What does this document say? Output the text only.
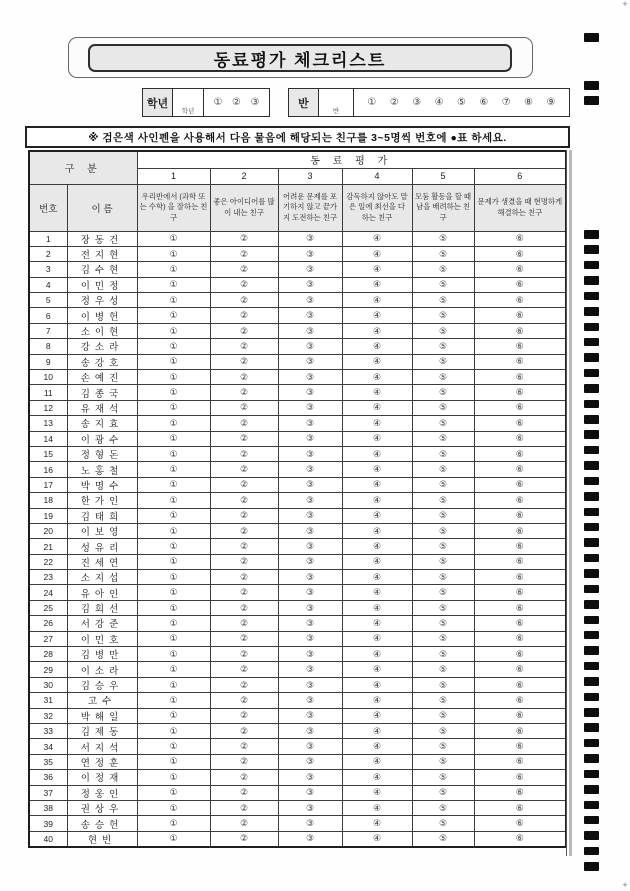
동료평가 체크리스트
학년
학년
① ② ③	반
반
① ② ③ ④ ⑤ ⑥ ⑦ ⑧ ⑨
※ 검은색 사인펜을 사용해서 다음 물음에 해당되는 친구를 3~5명씩 번호에 ●표 하세요.
구 분		동 료 평 가					
		1	2	3	4	5	6
번호	이 름	우리반에서 (과학 또는 수학) 을 잘하는 친구	좋은 아이디어를 많이 내는 친구	어려운 문제를 포기하지 않고 끝가지 도전하는 친구	감독하지 않아도 맡은 일에 최선을 다 하는 친구	모둠 활동을 할 때 남을 배려하는 친구	문제가 생겼을 때 현명하게 해결하는 친구
1	장동건	①	②	③	④	⑤	⑥
2	전지현	①	②	③	④	⑤	⑥
3	김수현	①	②	③	④	⑤	⑥
4	이민정	①	②	③	④	⑤	⑥
5	정우성	①	②	③	④	⑤	⑥
6	이병헌	①	②	③	④	⑤	⑥
7	소이현	①	②	③	④	⑤	⑥
8	강소라	①	②	③	④	⑤	⑥
9	송강호	①	②	③	④	⑤	⑥
10	손예진	①	②	③	④	⑤	⑥
11	김종국	①	②	③	④	⑤	⑥
12	유재석	①	②	③	④	⑤	⑥
13	송지효	①	②	③	④	⑤	⑥
14	이광수	①	②	③	④	⑤	⑥
15	정형돈	①	②	③	④	⑤	⑥
16	노홍철	①	②	③	④	⑤	⑥
17	박명수	①	②	③	④	⑤	⑥
18	한가인	①	②	③	④	⑤	⑥
19	김태희	①	②	③	④	⑤	⑥
20	이보영	①	②	③	④	⑤	⑥
21	성유리	①	②	③	④	⑤	⑥
22	진세연	①	②	③	④	⑤	⑥
23	소지섭	①	②	③	④	⑤	⑥
24	유아인	①	②	③	④	⑤	⑥
25	김희선	①	②	③	④	⑤	⑥
26	서강준	①	②	③	④	⑤	⑥
27	이민호	①	②	③	④	⑤	⑥
28	김병만	①	②	③	④	⑤	⑥
29	이소라	①	②	③	④	⑤	⑥
30	김승우	①	②	③	④	⑤	⑥
31	고수	①	②	③	④	⑤	⑥
32	박해일	①	②	③	④	⑤	⑥
33	김제동	①	②	③	④	⑤	⑥
34	서지석	①	②	③	④	⑤	⑥
35	연정훈	①	②	③	④	⑤	⑥
36	이정재	①	②	③	④	⑤	⑥
37	정웅인	①	②	③	④	⑤	⑥
38	권상우	①	②	③	④	⑤	⑥
39	송승헌	①	②	③	④	⑤	⑥
40	현빈	①	②	③	④	⑤	⑥
+
+
